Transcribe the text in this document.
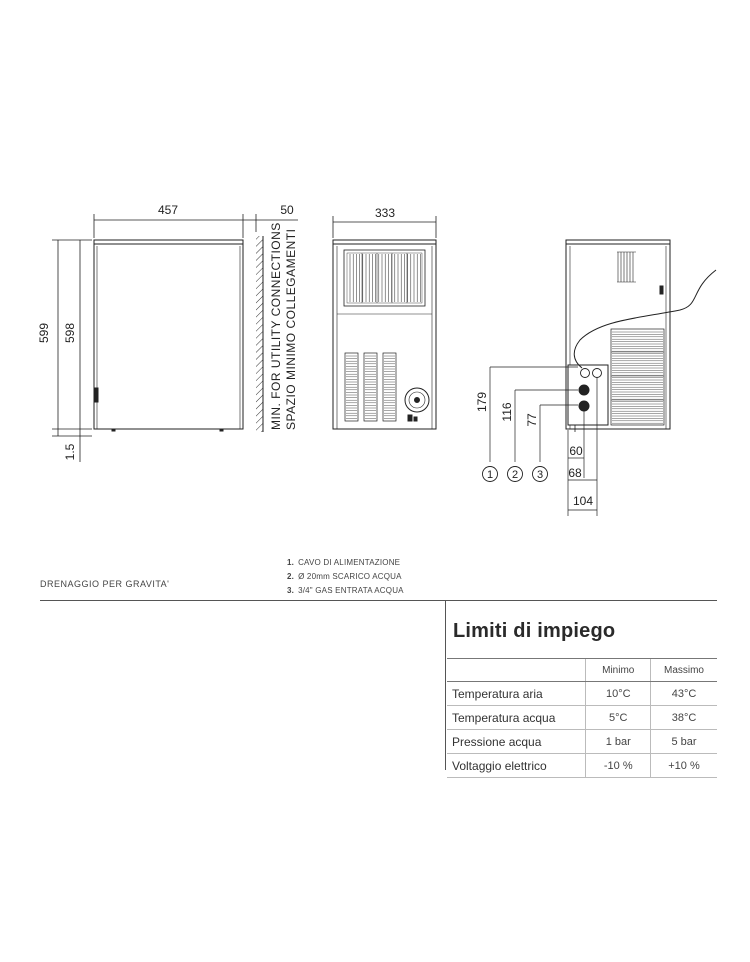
457	50
599 598
1.5
MIN. FOR UTILITY CONNECTIONS SPAZIO MINIMO COLLEGAMENTI
333
179 116 77
60
68
104
1 2 3
DRENAGGIO PER GRAVITA'
1. CAVO DI ALIMENTAZIONE
2. Ø 20mm SCARICO ACQUA
3. 3/4" GAS ENTRATA ACQUA
Limiti di impiego
	Minimo	Massimo
Temperatura aria	10°C	43°C
Temperatura acqua	5°C	38°C
Pressione acqua	1 bar	5 bar
Voltaggio elettrico	-10 %	+10 %
